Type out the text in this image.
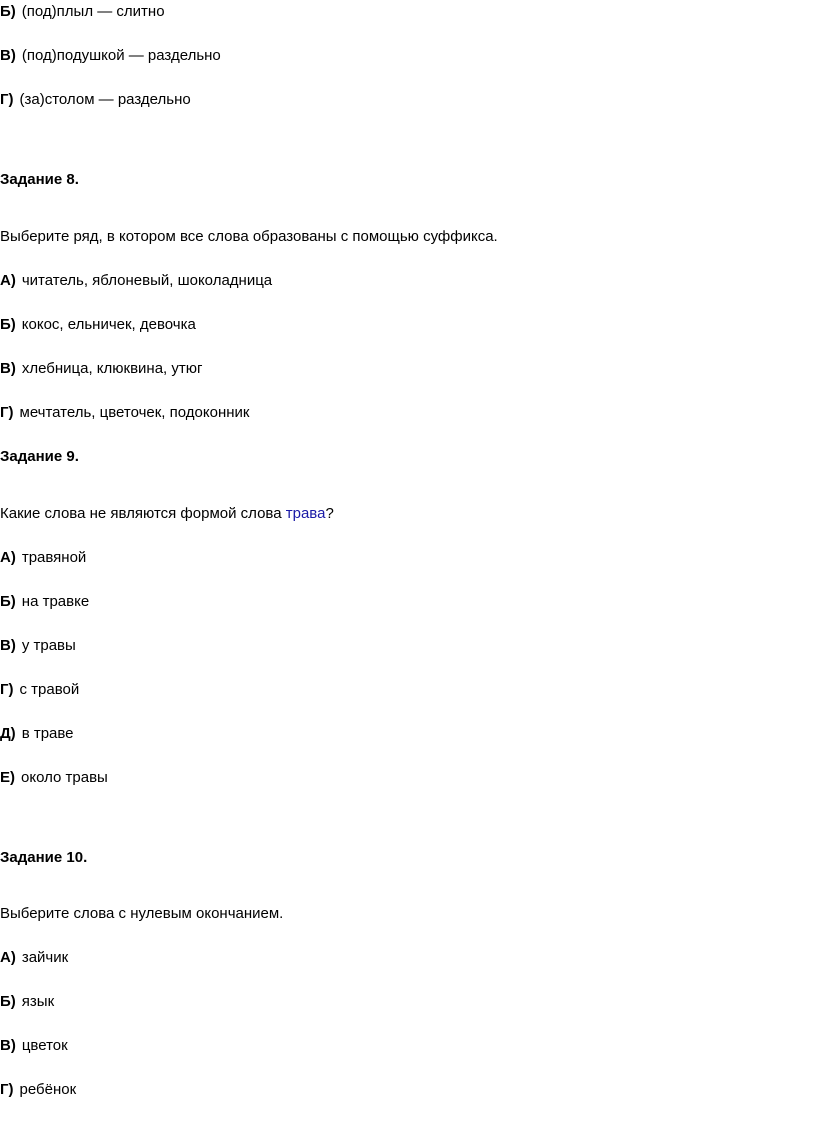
Б) (под)плыл — слитно
В) (под)подушкой — раздельно
Г) (за)столом — раздельно
Задание 8.
Выберите ряд, в котором все слова образованы с помощью суффикса.
А) читатель, яблоневый, шоколадница
Б) кокос, ельничек, девочка
В) хлебница, клюквина, утюг
Г) мечтатель, цветочек, подоконник
Задание 9.
Какие слова не являются формой слова трава?
А) травяной
Б) на травке
В) у травы
Г) с травой
Д) в траве
Е) около травы
Задание 10.
Выберите слова с нулевым окончанием.
А) зайчик
Б) язык
В) цветок
Г) ребёнок
